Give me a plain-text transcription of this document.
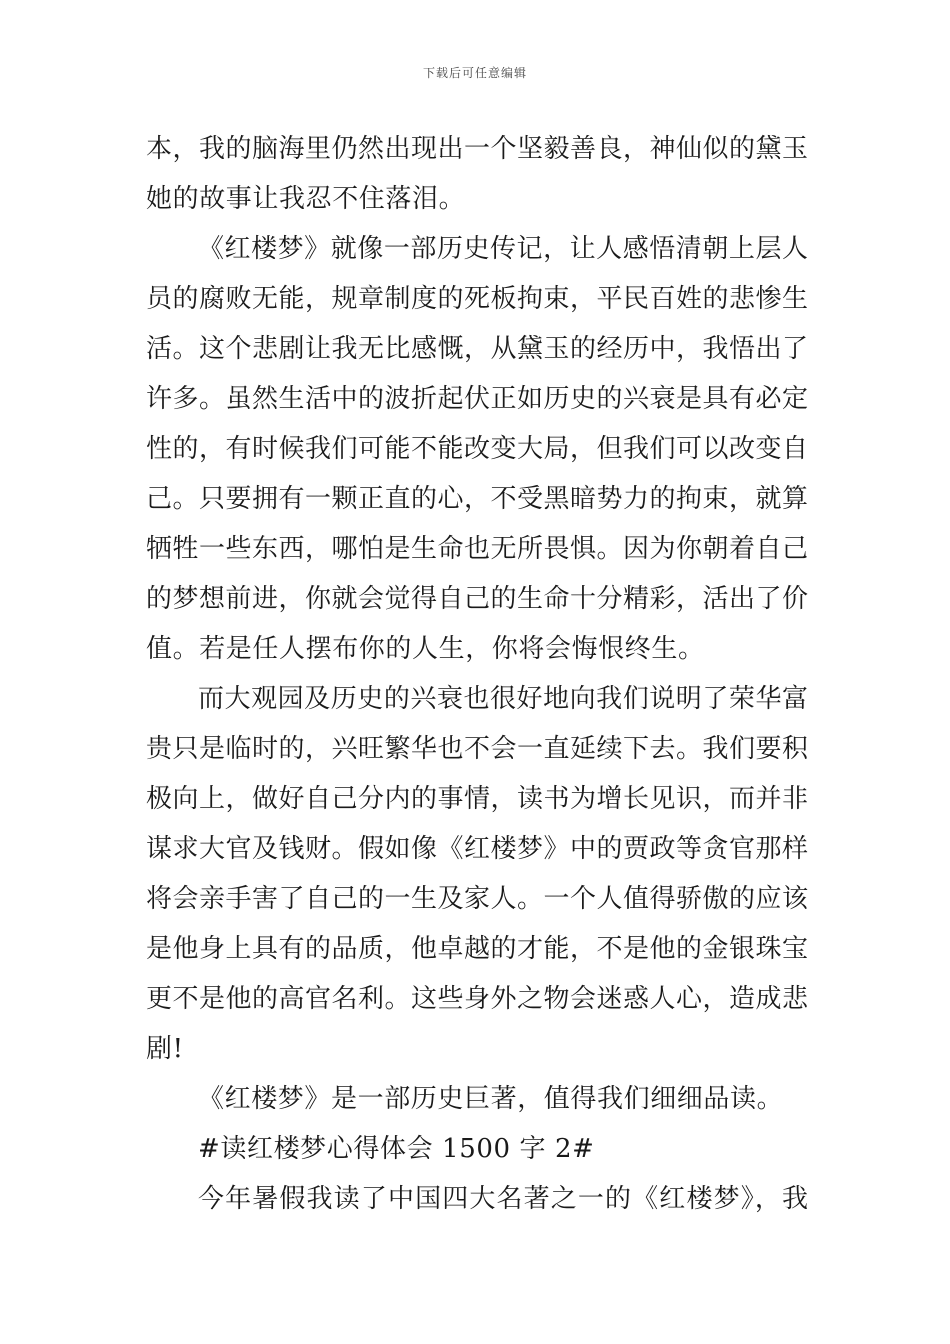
下载后可任意编辑
本，我的脑海里仍然出现出一个坚毅善良，神仙似的黛玉
她的故事让我忍不住落泪。
《红楼梦》就像一部历史传记，让人感悟清朝上层人
员的腐败无能，规章制度的死板拘束，平民百姓的悲惨生
活。这个悲剧让我无比感慨，从黛玉的经历中，我悟出了
许多。虽然生活中的波折起伏正如历史的兴衰是具有必定
性的，有时候我们可能不能改变大局，但我们可以改变自
己。只要拥有一颗正直的心，不受黑暗势力的拘束，就算
牺牲一些东西，哪怕是生命也无所畏惧。因为你朝着自己
的梦想前进，你就会觉得自己的生命十分精彩，活出了价
值。若是任人摆布你的人生，你将会悔恨终生。
而大观园及历史的兴衰也很好地向我们说明了荣华富
贵只是临时的，兴旺繁华也不会一直延续下去。我们要积
极向上，做好自己分内的事情，读书为增长见识，而并非
谋求大官及钱财。假如像《红楼梦》中的贾政等贪官那样
将会亲手害了自己的一生及家人。一个人值得骄傲的应该
是他身上具有的品质，他卓越的才能，不是他的金银珠宝
更不是他的高官名利。这些身外之物会迷惑人心，造成悲
剧!
《红楼梦》是一部历史巨著，值得我们细细品读。
#读红楼梦心得体会 1500 字 2#
今年暑假我读了中国四大名著之一的《红楼梦》，我
